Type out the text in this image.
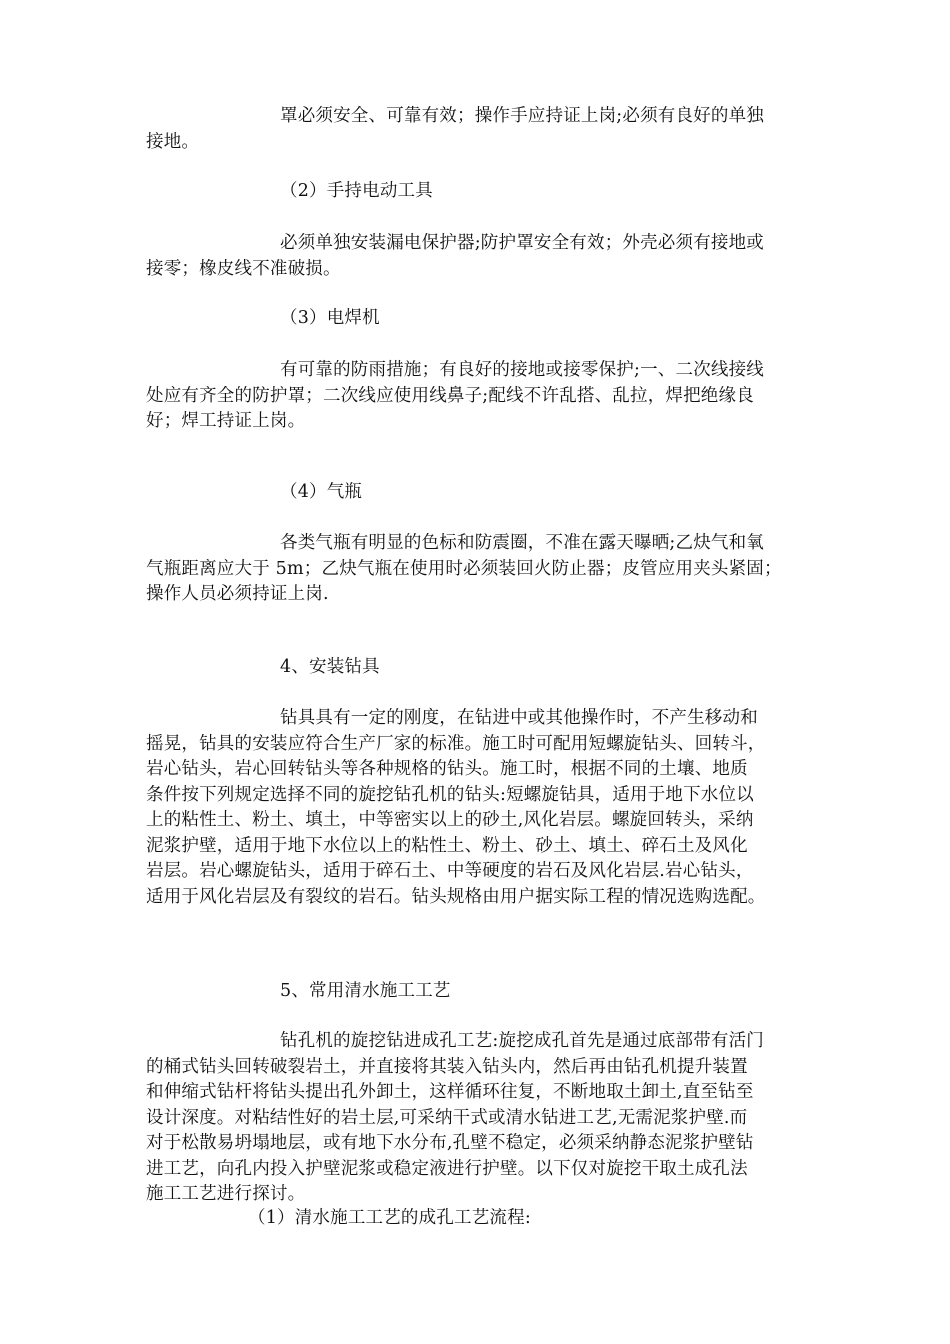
罩必须安全、可靠有效；操作手应持证上岗;必须有良好的单独
接地。
（2）手持电动工具
必须单独安装漏电保护器;防护罩安全有效；外壳必须有接地或
接零；橡皮线不准破损。
（3）电焊机
有可靠的防雨措施；有良好的接地或接零保护;一、二次线接线
处应有齐全的防护罩；二次线应使用线鼻子;配线不许乱搭、乱拉，焊把绝缘良
好；焊工持证上岗。
（4）气瓶
各类气瓶有明显的色标和防震圈，不准在露天曝晒;乙炔气和氧
气瓶距离应大于 5m；乙炔气瓶在使用时必须装回火防止器；皮管应用夹头紧固；
操作人员必须持证上岗.
4、安装钻具
钻具具有一定的刚度，在钻进中或其他操作时，不产生移动和
摇晃，钻具的安装应符合生产厂家的标准。施工时可配用短螺旋钻头、回转斗，
岩心钻头，岩心回转钻头等各种规格的钻头。施工时，根据不同的土壤、地质
条件按下列规定选择不同的旋挖钻孔机的钻头:短螺旋钻具，适用于地下水位以
上的粘性土、粉土、填土，中等密实以上的砂土,风化岩层。螺旋回转头，采纳
泥浆护壁，适用于地下水位以上的粘性土、粉土、砂土、填土、碎石土及风化
岩层。岩心螺旋钻头，适用于碎石土、中等硬度的岩石及风化岩层.岩心钻头，
适用于风化岩层及有裂纹的岩石。钻头规格由用户据实际工程的情况选购选配。
5、常用清水施工工艺
钻孔机的旋挖钻进成孔工艺:旋挖成孔首先是通过底部带有活门
的桶式钻头回转破裂岩土，并直接将其装入钻头内，然后再由钻孔机提升装置
和伸缩式钻杆将钻头提出孔外卸土，这样循环往复，不断地取土卸土,直至钻至
设计深度。对粘结性好的岩土层,可采纳干式或清水钻进工艺,无需泥浆护壁.而
对于松散易坍塌地层，或有地下水分布,孔壁不稳定，必须采纳静态泥浆护壁钻
进工艺，向孔内投入护壁泥浆或稳定液进行护壁。以下仅对旋挖干取土成孔法
施工工艺进行探讨。
（1）清水施工工艺的成孔工艺流程:
